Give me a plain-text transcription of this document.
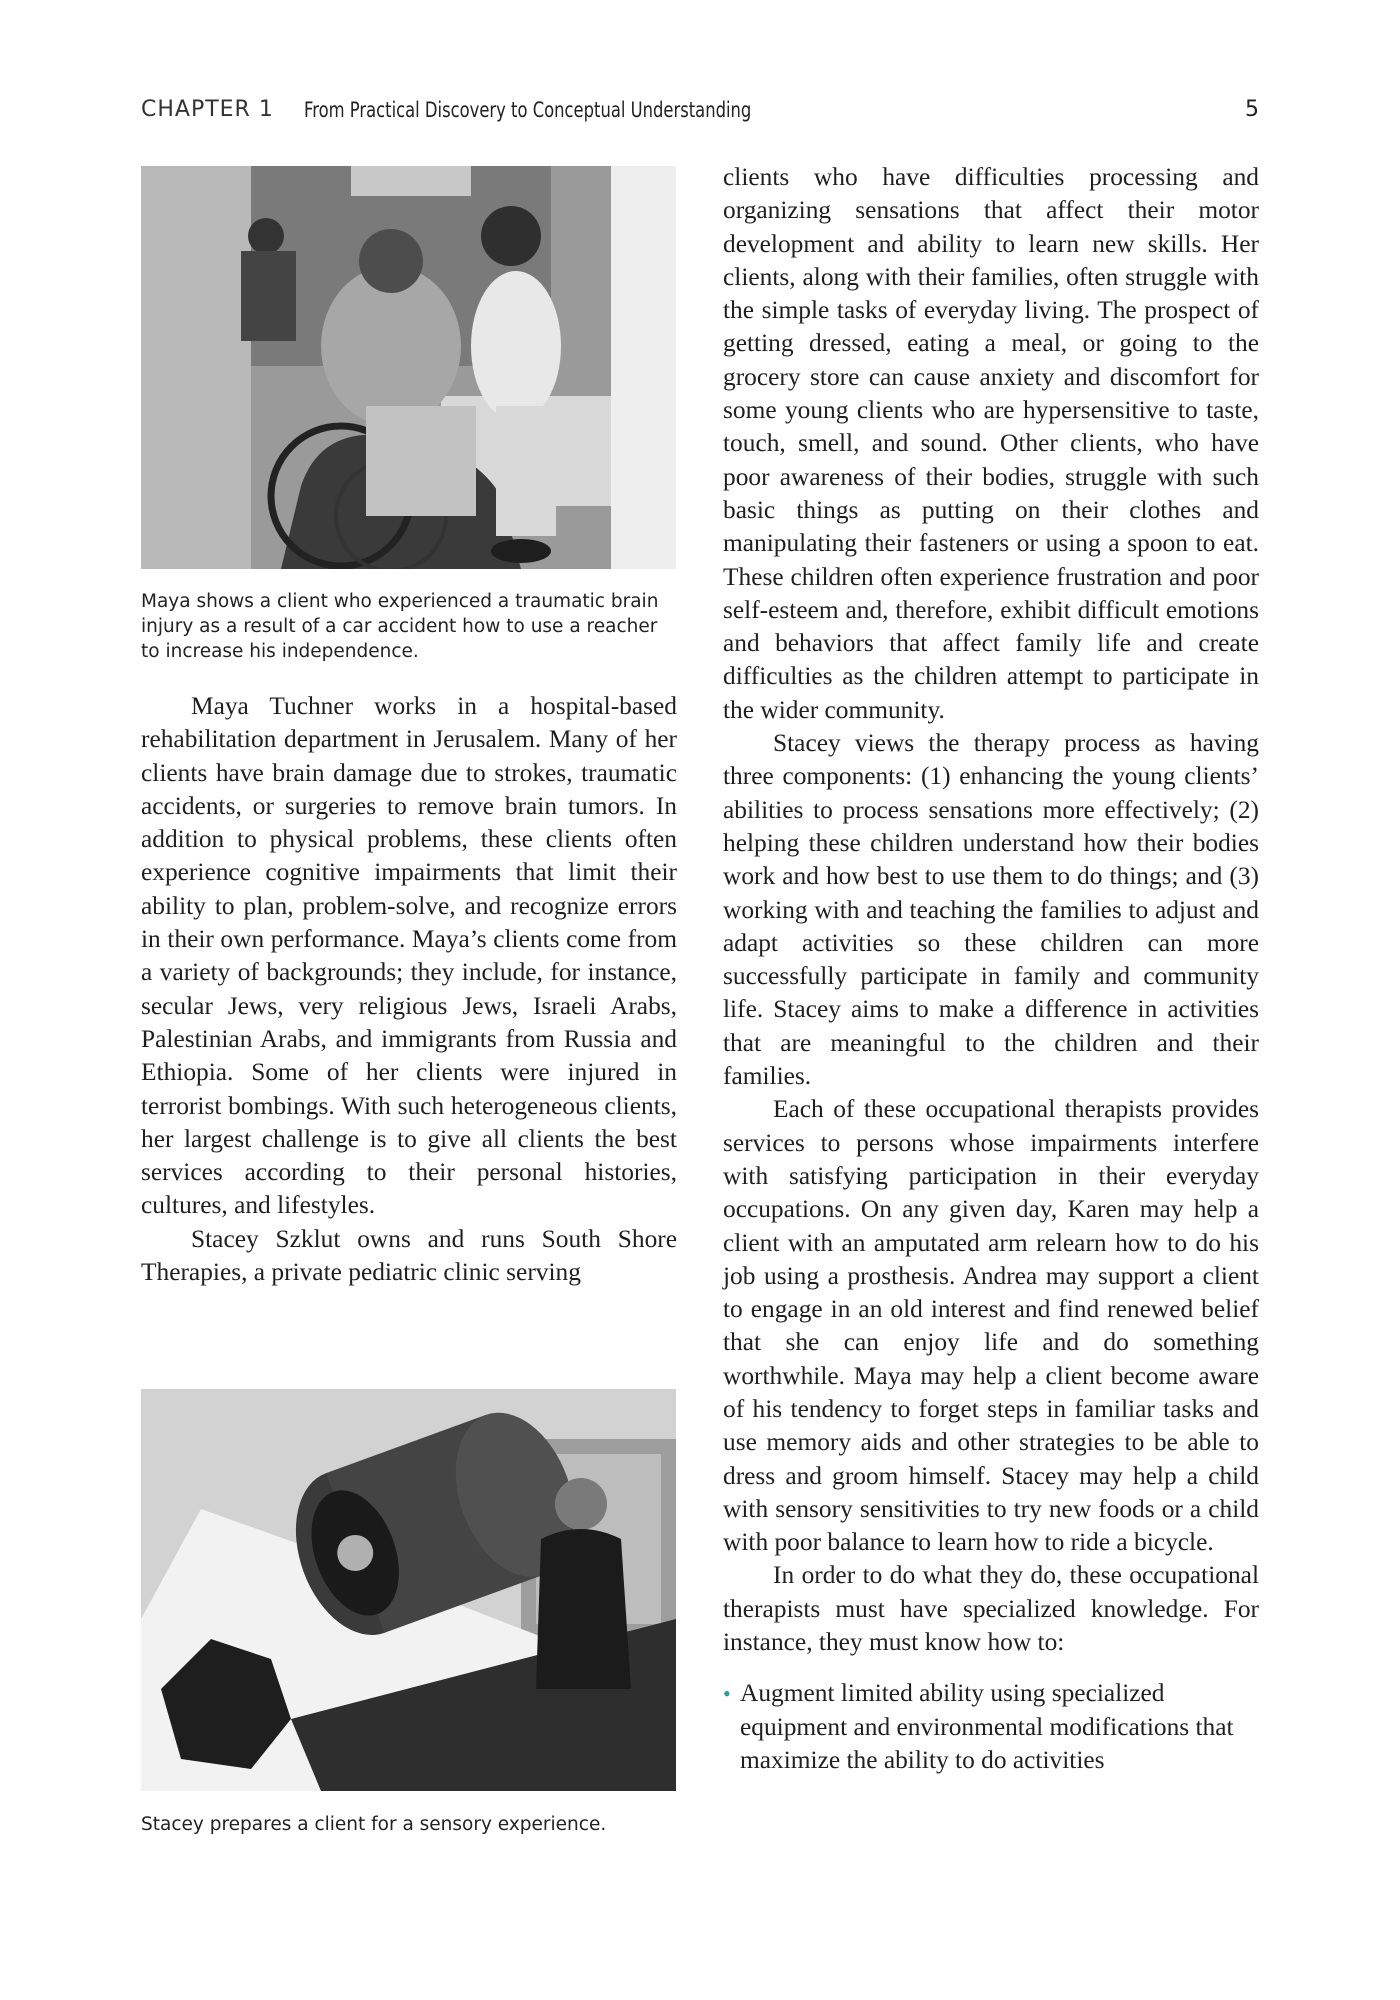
CHAPTER 1 From Practical Discovery to Conceptual Understanding	5
Maya shows a client who experienced a traumatic brain injury as a result of a car accident how to use a reacher to increase his independence.

Maya Tuchner works in a hospital-based rehabilitation department in Jerusalem. Many of her clients have brain damage due to strokes, traumatic accidents, or surgeries to remove brain tumors. In addition to physical problems, these clients often experience cognitive impairments that limit their ability to plan, problem-solve, and recognize errors in their own performance. Maya’s clients come from a variety of backgrounds; they include, for instance, secular Jews, very religious Jews, Israeli Arabs, Palestinian Arabs, and immigrants from Russia and Ethiopia. Some of her clients were injured in terrorist bombings. With such heterogeneous clients, her largest challenge is to give all clients the best services according to their personal histories, cultures, and lifestyles.

Stacey Szklut owns and runs South Shore Therapies, a private pediatric clinic serving

Stacey prepares a client for a sensory experience.

clients who have difficulties processing and organizing sensations that affect their motor development and ability to learn new skills. Her clients, along with their families, often struggle with the simple tasks of everyday living. The prospect of getting dressed, eating a meal, or going to the grocery store can cause anxiety and discomfort for some young clients who are hypersensitive to taste, touch, smell, and sound. Other clients, who have poor awareness of their bodies, struggle with such basic things as putting on their clothes and manipulating their fasteners or using a spoon to eat. These children often experience frustration and poor self-esteem and, therefore, exhibit difficult emotions and behaviors that affect family life and create difficulties as the children attempt to participate in the wider community.

Stacey views the therapy process as having three components: (1) enhancing the young clients’ abilities to process sensations more effectively; (2) helping these children understand how their bodies work and how best to use them to do things; and (3) working with and teaching the families to adjust and adapt activities so these children can more successfully participate in family and community life. Stacey aims to make a difference in activities that are meaningful to the children and their families.

Each of these occupational therapists provides services to persons whose impairments interfere with satisfying participation in their everyday occupations. On any given day, Karen may help a client with an amputated arm relearn how to do his job using a prosthesis. Andrea may support a client to engage in an old interest and find renewed belief that she can enjoy life and do something worthwhile. Maya may help a client become aware of his tendency to forget steps in familiar tasks and use memory aids and other strategies to be able to dress and groom himself. Stacey may help a child with sensory sensitivities to try new foods or a child with poor balance to learn how to ride a bicycle.

In order to do what they do, these occupational therapists must have specialized knowledge. For instance, they must know how to:

• Augment limited ability using specialized equipment and environmental modifications that maximize the ability to do activities
